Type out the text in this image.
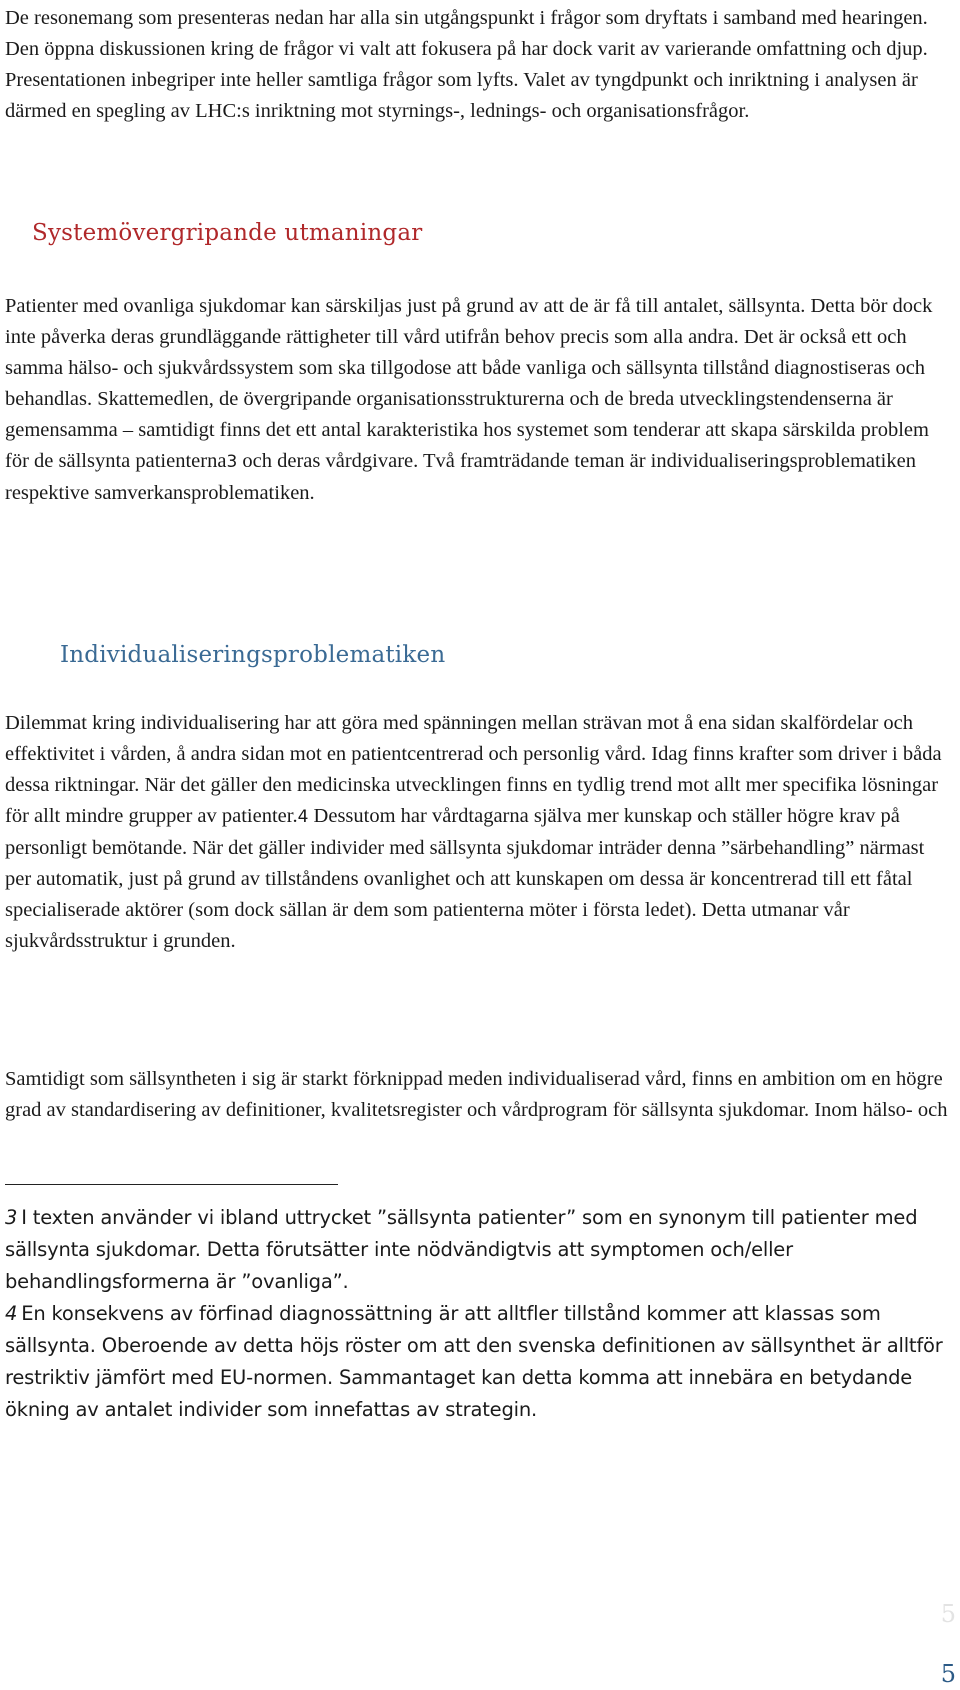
De resonemang som presenteras nedan har alla sin utgångspunkt i frågor som dryftats i samband med hearingen. Den öppna diskussionen kring de frågor vi valt att fokusera på har dock varit av varierande omfattning och djup. Presentationen inbegriper inte heller samtliga frågor som lyfts. Valet av tyngdpunkt och inriktning i analysen är därmed en spegling av LHC:s inriktning mot styrnings-, lednings- och organisationsfrågor.

Systemövergripande utmaningar

Patienter med ovanliga sjukdomar kan särskiljas just på grund av att de är få till antalet, sällsynta. Detta bör dock inte påverka deras grundläggande rättigheter till vård utifrån behov precis som alla andra. Det är också ett och samma hälso- och sjukvårdssystem som ska tillgodose att både vanliga och sällsynta tillstånd diagnostiseras och behandlas. Skattemedlen, de övergripande organisationsstrukturerna och de breda utvecklingstendenserna är gemensamma – samtidigt finns det ett antal karakteristika hos systemet som tenderar att skapa särskilda problem för de sällsynta patienterna3 och deras vårdgivare. Två framträdande teman är individualiseringsproblematiken respektive samverkansproblematiken.

Individualiseringsproblematiken

Dilemmat kring individualisering har att göra med spänningen mellan strävan mot å ena sidan skalfördelar och effektivitet i vården, å andra sidan mot en patientcentrerad och personlig vård. Idag finns krafter som driver i båda dessa riktningar. När det gäller den medicinska utvecklingen finns en tydlig trend mot allt mer specifika lösningar för allt mindre grupper av patienter.4 Dessutom har vårdtagarna själva mer kunskap och ställer högre krav på personligt bemötande. När det gäller individer med sällsynta sjukdomar inträder denna ”särbehandling” närmast per automatik, just på grund av tillståndens ovanlighet och att kunskapen om dessa är koncentrerad till ett fåtal specialiserade aktörer (som dock sällan är dem som patienterna möter i första ledet). Detta utmanar vår sjukvårdsstruktur i grunden.

Samtidigt som sällsyntheten i sig är starkt förknippad meden individualiserad vård, finns en ambition om en högre grad av standardisering av definitioner, kvalitetsregister och vårdprogram för sällsynta sjukdomar. Inom hälso- och

3 I texten använder vi ibland uttrycket ”sällsynta patienter” som en synonym till patienter med sällsynta sjukdomar. Detta förutsätter inte nödvändigtvis att symptomen och/eller behandlingsformerna är ”ovanliga”.

4 En konsekvens av förfinad diagnossättning är att alltfler tillstånd kommer att klassas som sällsynta. Oberoende av detta höjs röster om att den svenska definitionen av sällsynthet är alltför restriktiv jämfört med EU-normen. Sammantaget kan detta komma att innebära en betydande ökning av antalet individer som innefattas av strategin.

5
5
